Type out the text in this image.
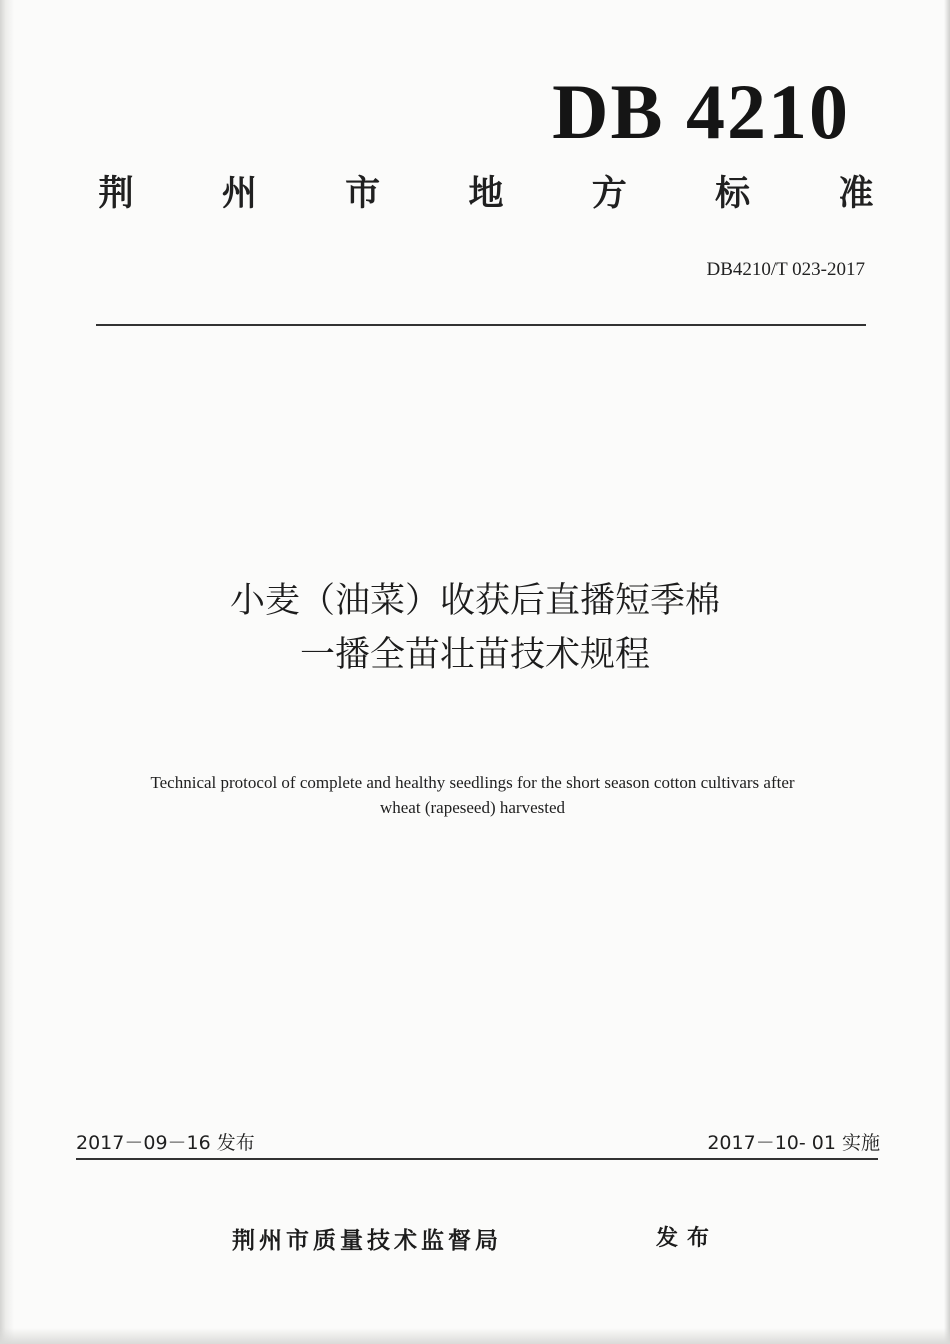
DB 4210
荆	州	市	地	方	标	准
DB4210/T 023-2017
小麦（油菜）收获后直播短季棉
一播全苗壮苗技术规程
Technical protocol of complete and healthy seedlings for the short season cotton cultivars after
wheat (rapeseed) harvested
2017－09－16 发布	2017－10- 01 实施
荆州市质量技术监督局	发布
